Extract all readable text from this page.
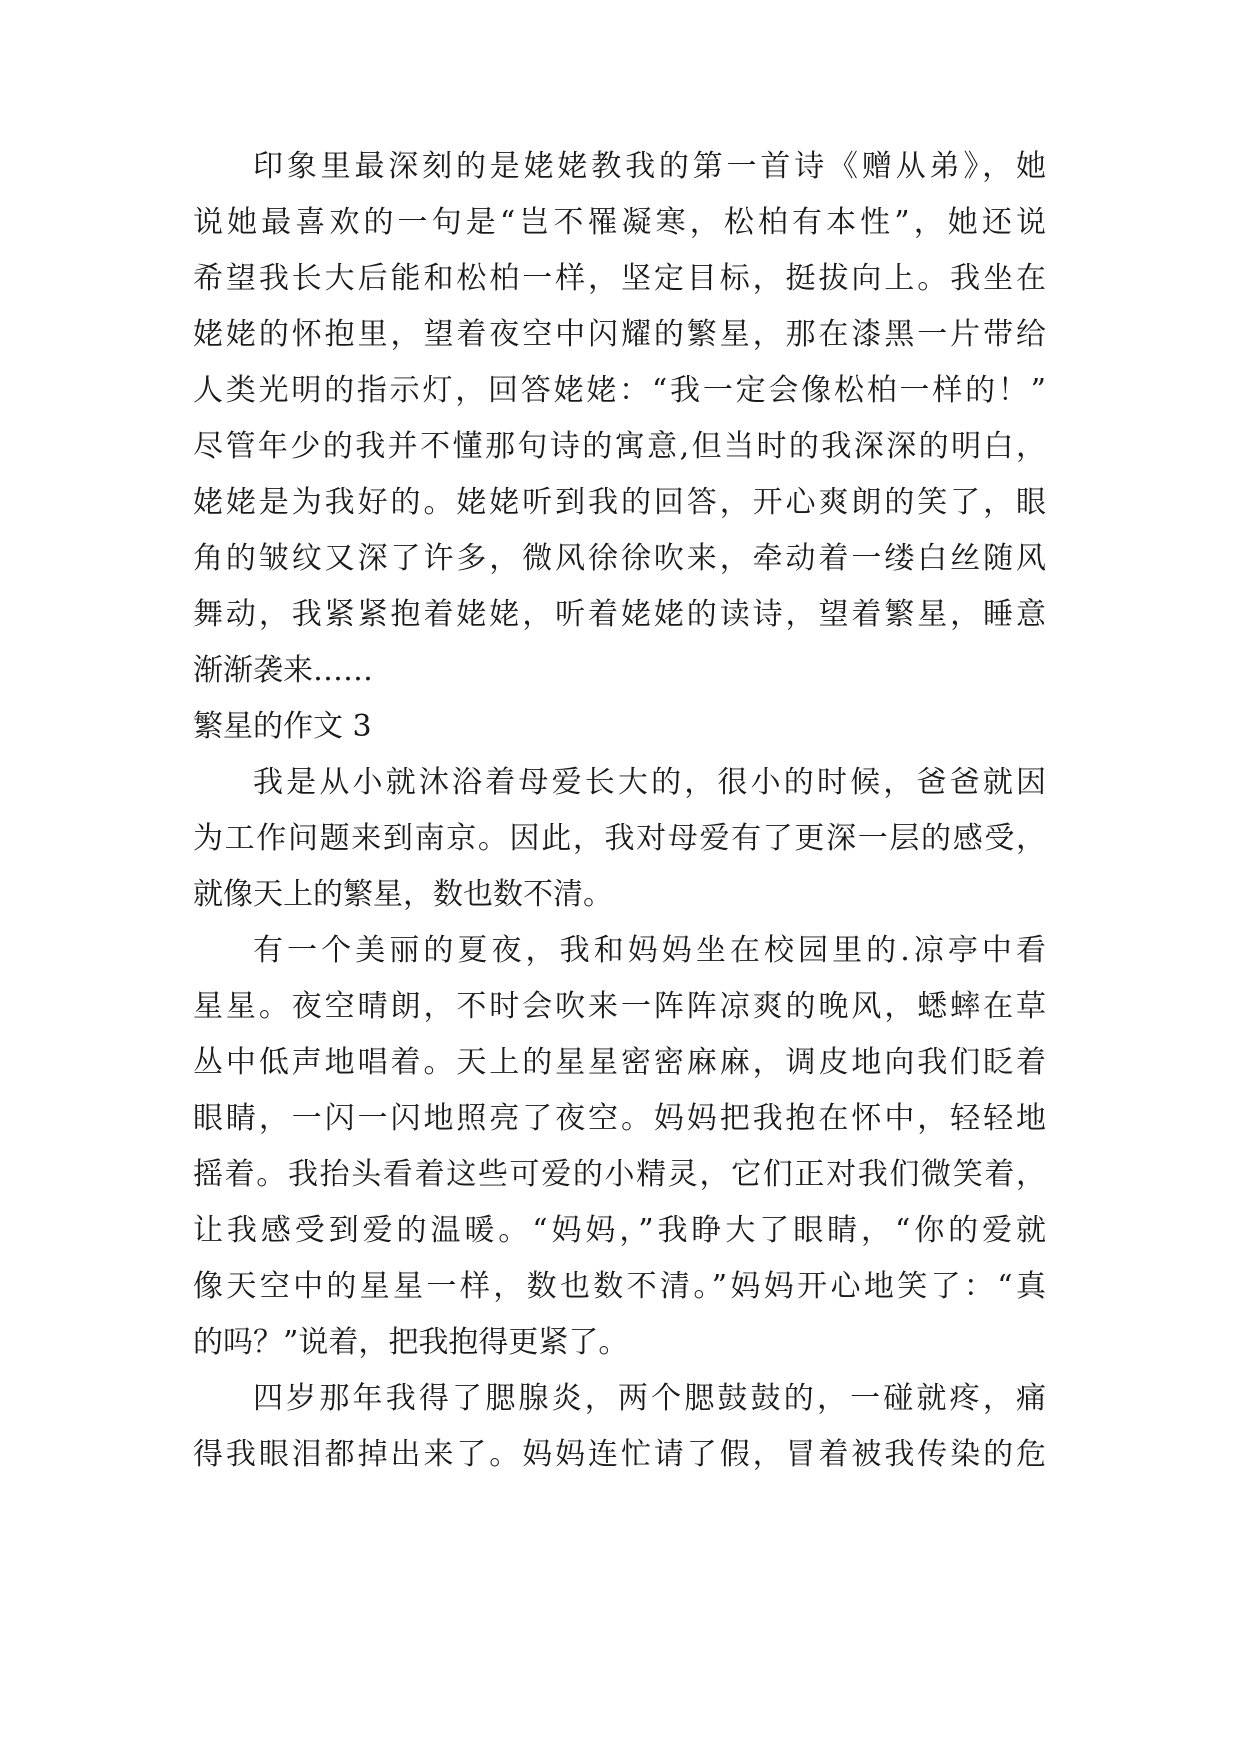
印象里最深刻的是姥姥教我的第一首诗《赠从弟》，她
说她最喜欢的一句是“岂不罹凝寒，松柏有本性”，她还说
希望我长大后能和松柏一样，坚定目标，挺拔向上。我坐在
姥姥的怀抱里，望着夜空中闪耀的繁星，那在漆黑一片带给
人类光明的指示灯，回答姥姥：“我一定会像松柏一样的！”
尽管年少的我并不懂那句诗的寓意,但当时的我深深的明白，
姥姥是为我好的。姥姥听到我的回答，开心爽朗的笑了，眼
角的皱纹又深了许多，微风徐徐吹来，牵动着一缕白丝随风
舞动，我紧紧抱着姥姥，听着姥姥的读诗，望着繁星，睡意
渐渐袭来……
繁星的作文 3
我是从小就沐浴着母爱长大的，很小的时候，爸爸就因
为工作问题来到南京。因此，我对母爱有了更深一层的感受，
就像天上的繁星，数也数不清。
有一个美丽的夏夜，我和妈妈坐在校园里的.凉亭中看
星星。夜空晴朗，不时会吹来一阵阵凉爽的晚风，蟋蟀在草
丛中低声地唱着。天上的星星密密麻麻，调皮地向我们眨着
眼睛，一闪一闪地照亮了夜空。妈妈把我抱在怀中，轻轻地
摇着。我抬头看着这些可爱的小精灵，它们正对我们微笑着，
让我感受到爱的温暖。“妈妈，”我睁大了眼睛，“你的爱就
像天空中的星星一样，数也数不清。”妈妈开心地笑了：“真
的吗？”说着，把我抱得更紧了。
四岁那年我得了腮腺炎，两个腮鼓鼓的，一碰就疼，痛
得我眼泪都掉出来了。妈妈连忙请了假，冒着被我传染的危
